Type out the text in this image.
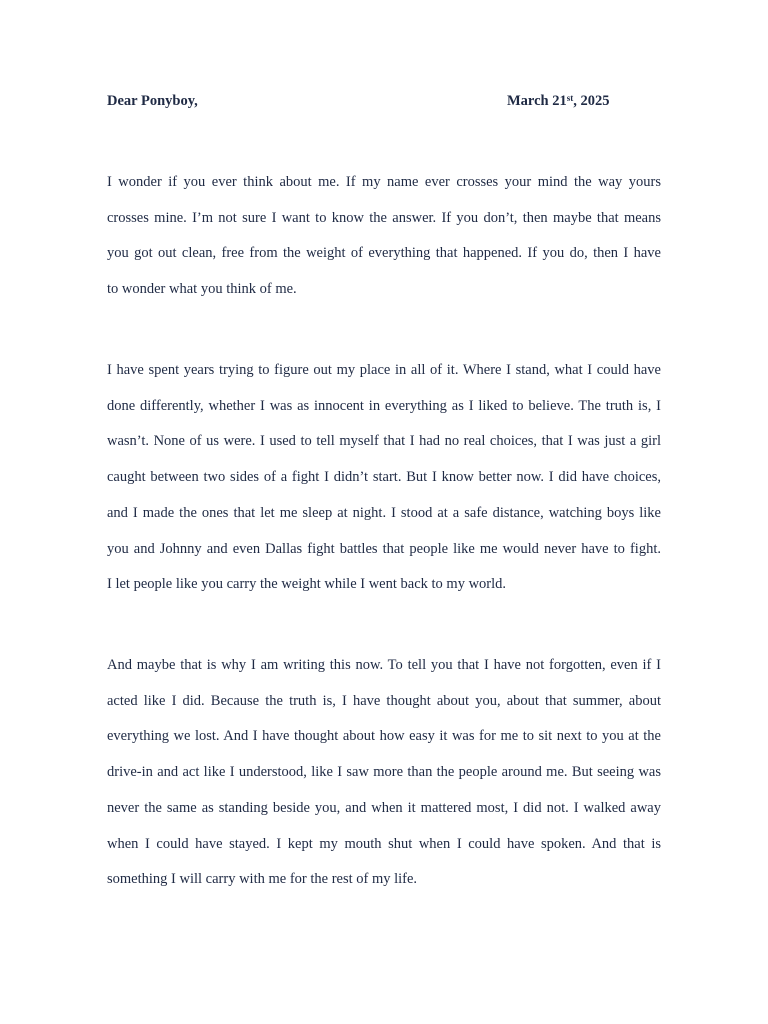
Dear Ponyboy,	March 21st, 2025
I wonder if you ever think about me. If my name ever crosses your mind the way yours
crosses mine. I’m not sure I want to know the answer. If you don’t, then maybe that means
you got out clean, free from the weight of everything that happened. If you do, then I have
to wonder what you think of me.
I have spent years trying to figure out my place in all of it. Where I stand, what I could have
done differently, whether I was as innocent in everything as I liked to believe. The truth is, I
wasn’t. None of us were. I used to tell myself that I had no real choices, that I was just a girl
caught between two sides of a fight I didn’t start. But I know better now. I did have choices,
and I made the ones that let me sleep at night. I stood at a safe distance, watching boys like
you and Johnny and even Dallas fight battles that people like me would never have to fight.
I let people like you carry the weight while I went back to my world.
And maybe that is why I am writing this now. To tell you that I have not forgotten, even if I
acted like I did. Because the truth is, I have thought about you, about that summer, about
everything we lost. And I have thought about how easy it was for me to sit next to you at the
drive-in and act like I understood, like I saw more than the people around me. But seeing was
never the same as standing beside you, and when it mattered most, I did not. I walked away
when I could have stayed. I kept my mouth shut when I could have spoken. And that is
something I will carry with me for the rest of my life.
